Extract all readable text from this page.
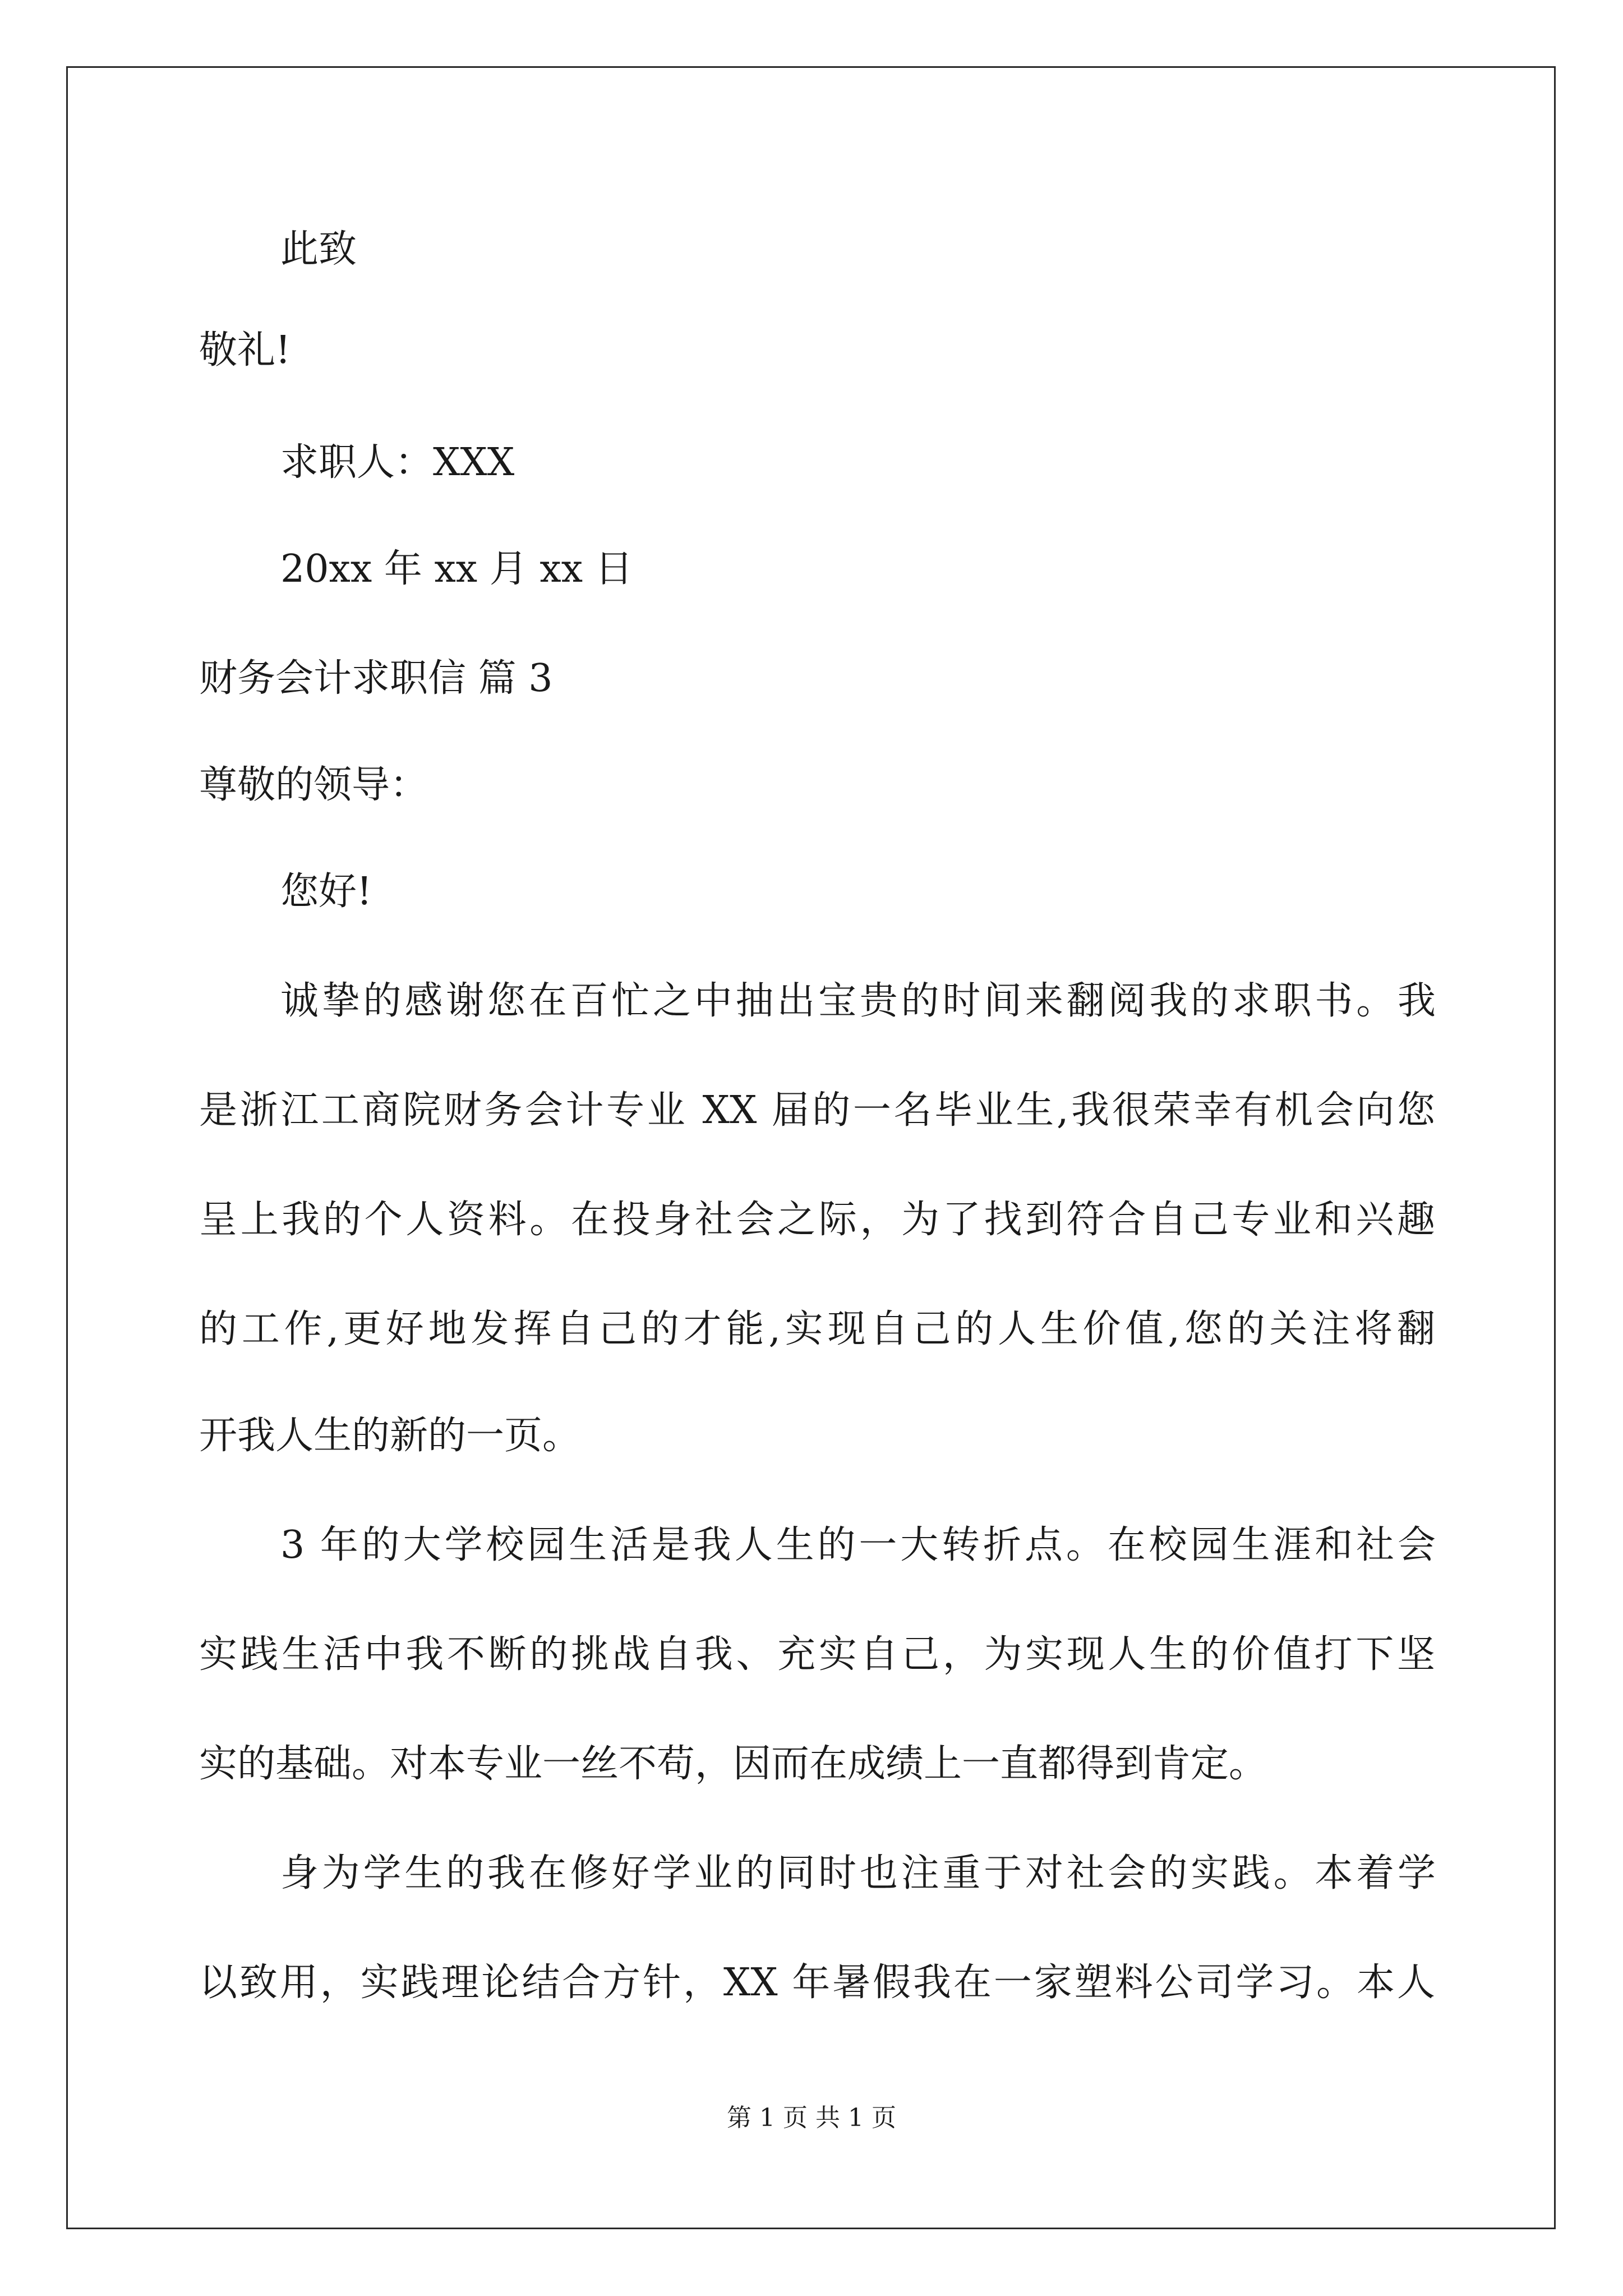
此致
敬礼!
求职人：XXX
20xx 年 xx 月 xx 日
财务会计求职信 篇 3
尊敬的领导：
您好!
诚挚的感谢您在百忙之中抽出宝贵的时间来翻阅我的求职书。我
是浙江工商院财务会计专业 XX 届的一名毕业生,我很荣幸有机会向您
呈上我的个人资料。在投身社会之际，为了找到符合自己专业和兴趣
的工作,更好地发挥自己的才能,实现自己的人生价值,您的关注将翻
开我人生的新的一页。
3 年的大学校园生活是我人生的一大转折点。在校园生涯和社会
实践生活中我不断的挑战自我、充实自己，为实现人生的价值打下坚
实的基础。对本专业一丝不苟，因而在成绩上一直都得到肯定。
身为学生的我在修好学业的同时也注重于对社会的实践。本着学
以致用，实践理论结合方针，XX 年暑假我在一家塑料公司学习。本人
第 1 页 共 1 页
